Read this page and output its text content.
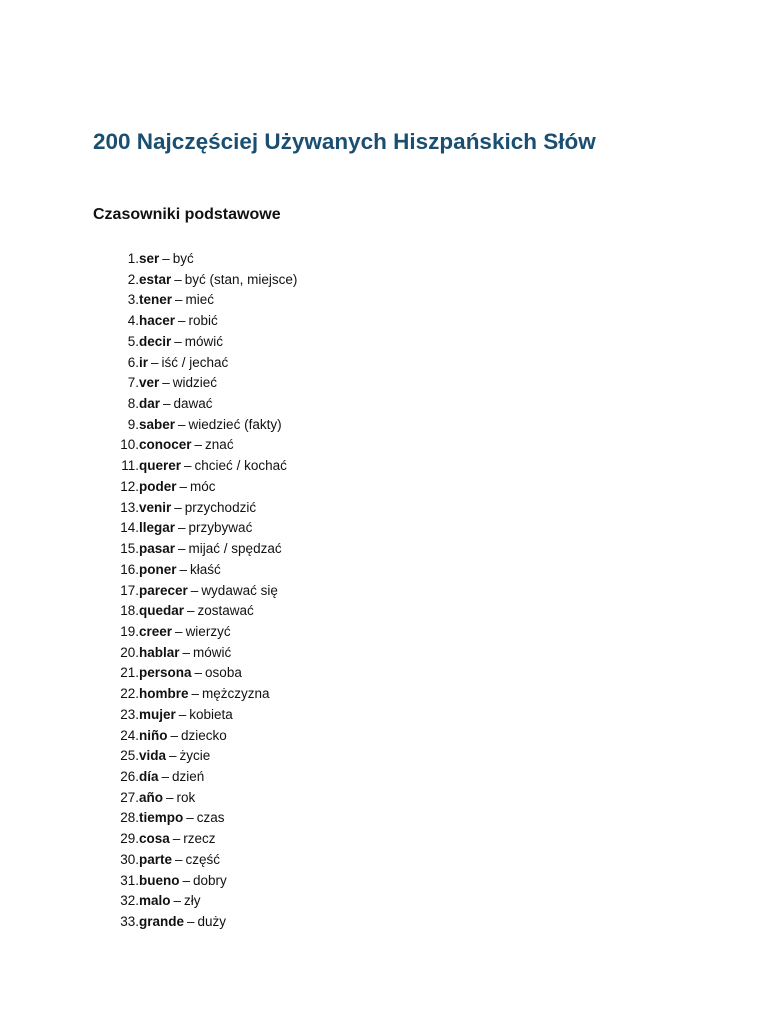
200 Najczęściej Używanych Hiszpańskich Słów
Czasowniki podstawowe
1. ser – być
2. estar – być (stan, miejsce)
3. tener – mieć
4. hacer – robić
5. decir – mówić
6. ir – iść / jechać
7. ver – widzieć
8. dar – dawać
9. saber – wiedzieć (fakty)
10. conocer – znać
11. querer – chcieć / kochać
12. poder – móc
13. venir – przychodzić
14. llegar – przybywać
15. pasar – mijać / spędzać
16. poner – kłaść
17. parecer – wydawać się
18. quedar – zostawać
19. creer – wierzyć
20. hablar – mówić
21. persona – osoba
22. hombre – mężczyzna
23. mujer – kobieta
24. niño – dziecko
25. vida – życie
26. día – dzień
27. año – rok
28. tiempo – czas
29. cosa – rzecz
30. parte – część
31. bueno – dobry
32. malo – zły
33. grande – duży
